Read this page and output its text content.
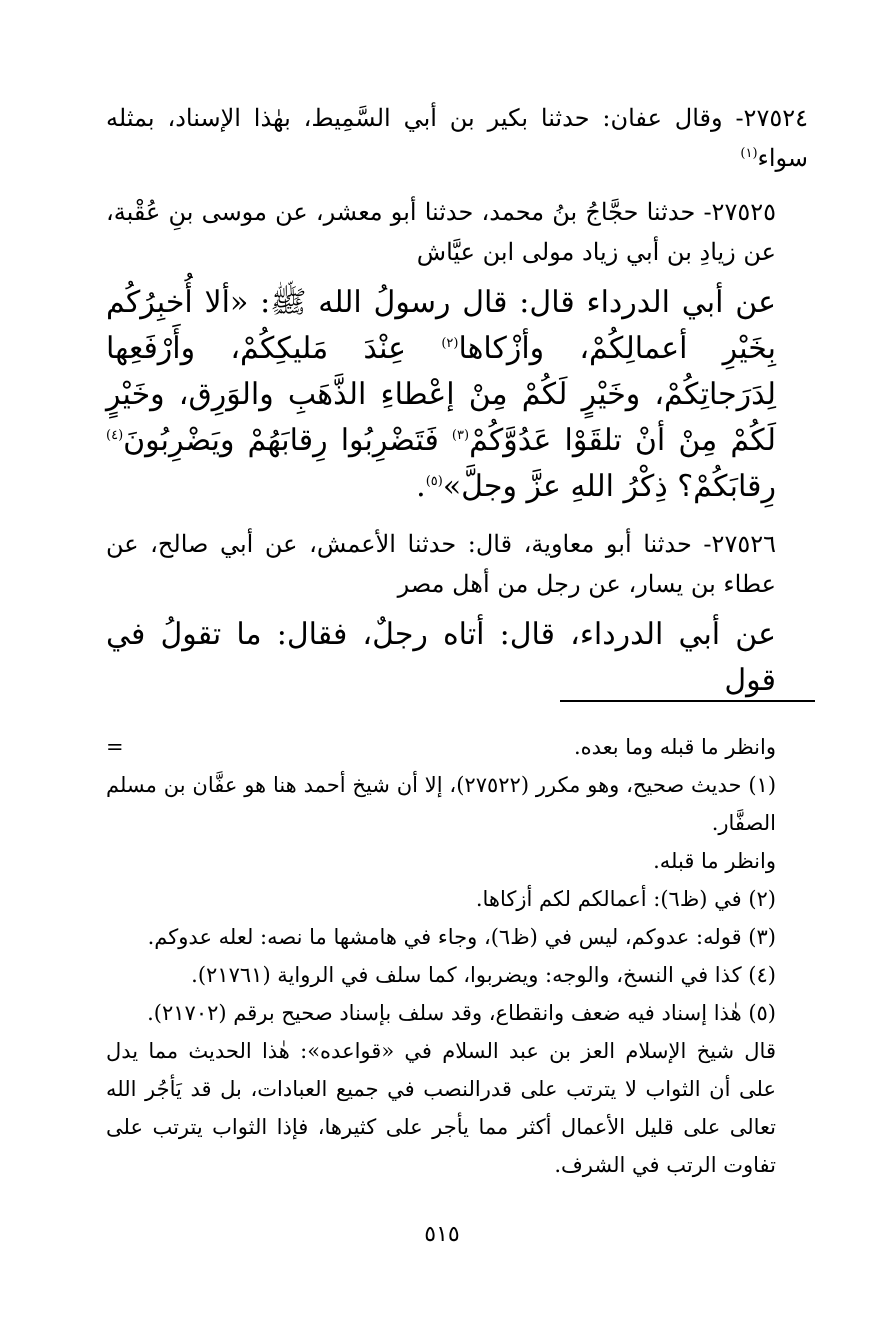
٢٧٥٢٤- وقال عفان: حدثنا بكير بن أبي السَّمِيط، بهٰذا الإسناد، بمثله سواء$^{(١)}$

٢٧٥٢٥- حدثنا حجَّاجُ بنُ محمد، حدثنا أبو معشر، عن موسى بنِ عُقْبة، عن زيادِ بن أبي زياد مولى ابن عيَّاش

عن أبي الدرداء قال: قال رسولُ الله ﷺ: «ألا أُخبِرُكُم بِخَيْرِ أعمالِكُمْ، وأزْكاها$^{(٢)}$ عِنْدَ مَليكِكُمْ، وأَرْفَعِها لِدَرَجاتِكُمْ، وخَيْرٍ لَكُمْ مِنْ إعْطاءِ الذَّهَبِ والوَرِق، وخَيْرٍ لَكُمْ مِنْ أنْ تلقَوْا عَدُوَّكُمْ$^{(٣)}$ فَتَضْرِبُوا رِقابَهُمْ ويَضْرِبُونَ$^{(٤)}$ رِقابَكُمْ؟ ذِكْرُ اللهِ عزَّ وجلَّ»$^{(٥)}$.

٢٧٥٢٦- حدثنا أبو معاوية، قال: حدثنا الأعمش، عن أبي صالح، عن عطاء بن يسار، عن رجل من أهل مصر

عن أبي الدرداء، قال: أتاه رجلٌ، فقال: ما تقولُ في قول

=	وانظر ما قبله وما بعده.

(١) حديث صحيح، وهو مكرر (٢٧٥٢٢)، إلا أن شيخ أحمد هنا هو عفَّان بن مسلم الصفَّار.

وانظر ما قبله.

(٢) في (ظ٦): أعمالكم لكم أزكاها.

(٣) قوله: عدوكم، ليس في (ظ٦)، وجاء في هامشها ما نصه: لعله عدوكم.

(٤) كذا في النسخ، والوجه: ويضربوا، كما سلف في الرواية (٢١٧٦١).

(٥) هٰذا إسناد فيه ضعف وانقطاع، وقد سلف بإسناد صحيح برقم (٢١٧٠٢).

قال شيخ الإسلام العز بن عبد السلام في «قواعده»: هٰذا الحديث مما يدل على أن الثواب لا يترتب على قدرالنصب في جميع العبادات، بل قد يَأجُر الله تعالى على قليل الأعمال أكثر مما يأجر على كثيرها، فإذا الثواب يترتب على تفاوت الرتب في الشرف.

٥١٥
